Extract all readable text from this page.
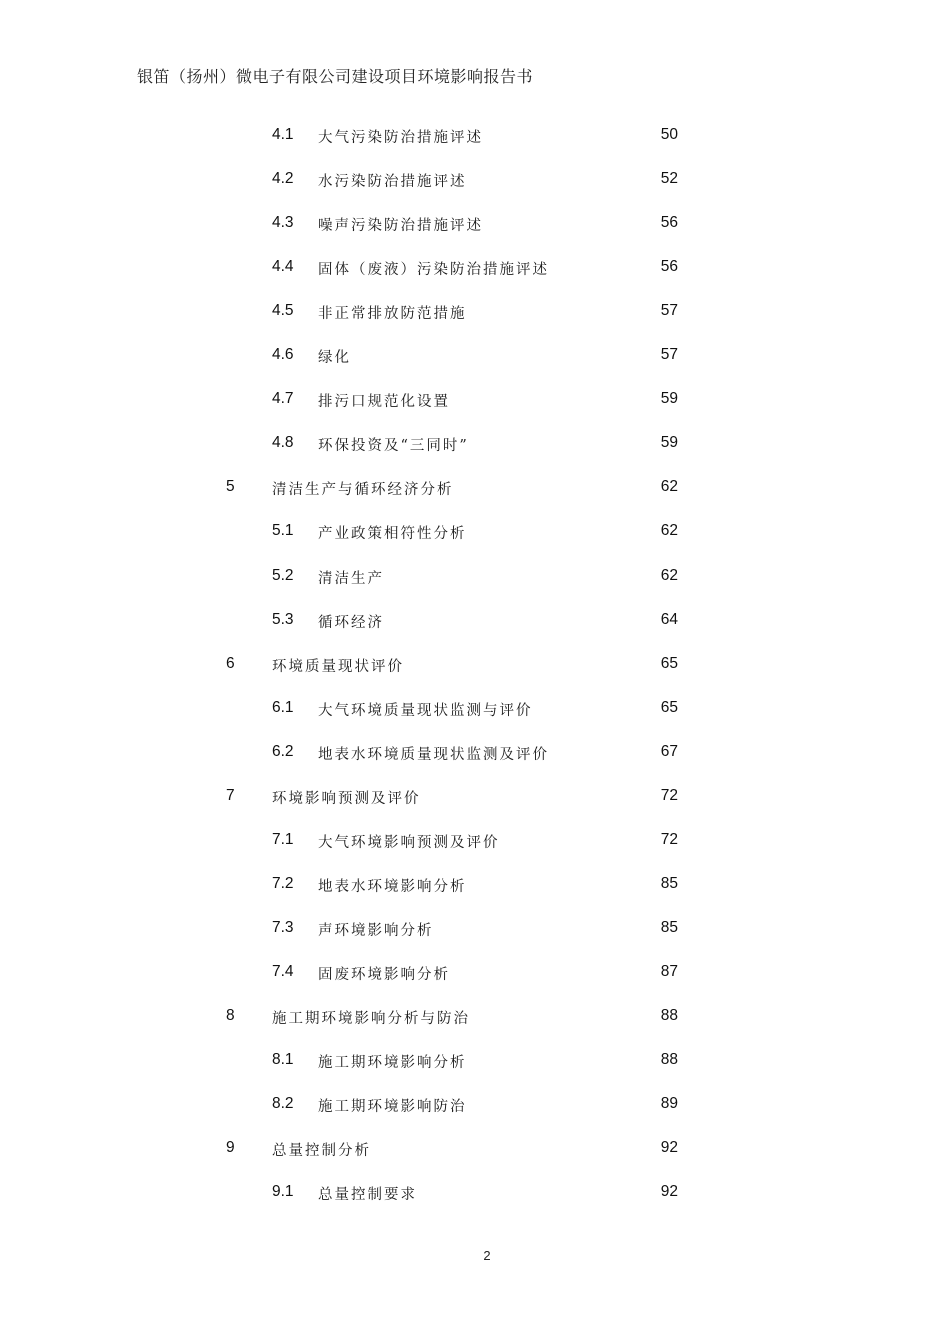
银笛（扬州）微电子有限公司建设项目环境影响报告书
4.1 大气污染防治措施评述	50
4.2 水污染防治措施评述	52
4.3 噪声污染防治措施评述	56
4.4 固体（废液）污染防治措施评述	56
4.5 非正常排放防范措施	57
4.6 绿化	57
4.7 排污口规范化设置	59
4.8 环保投资及“三同时”	59
5	清洁生产与循环经济分析	62
5.1 产业政策相符性分析	62
5.2 清洁生产	62
5.3 循环经济	64
6	环境质量现状评价	65
6.1 大气环境质量现状监测与评价	65
6.2 地表水环境质量现状监测及评价	67
7	环境影响预测及评价	72
7.1 大气环境影响预测及评价	72
7.2 地表水环境影响分析	85
7.3 声环境影响分析	85
7.4 固废环境影响分析	87
8	施工期环境影响分析与防治	88
8.1 施工期环境影响分析	88
8.2 施工期环境影响防治	89
9	总量控制分析	92
9.1 总量控制要求	92
2
